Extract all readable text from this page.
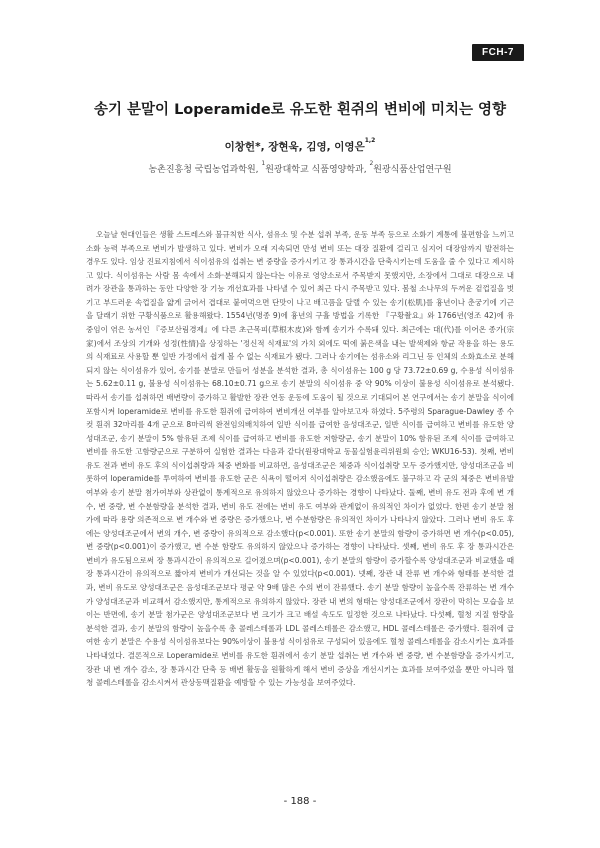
FCH-7
송기 분말이 Loperamide로 유도한 흰쥐의 변비에 미치는 영향
이창헌*, 장현욱, 김영, 이영은$^{1,2}$
농촌진흥청 국립농업과학원, $^1$원광대학교 식품영양학과, $^2$원광식품산업연구원

오늘날 현대인들은 생활 스트레스와 불규칙한 식사, 섬유소 및 수분 섭취 부족, 운동 부족 등으로 소화기 계통에 불편함을 느끼고 소화 능력 부족으로 변비가 발생하고 있다. 변비가 오래 지속되면 만성 변비 또는 대장 질환에 걸리고 심지어 대장암까지 발전하는 경우도 있다. 임상 진료지침에서 식이섬유의 섭취는 변 중량을 증가시키고 장 통과시간을 단축시키는데 도움을 줄 수 있다고 제시하고 있다. 식이섬유는 사람 몸 속에서 소화·분해되지 않는다는 이유로 영양소로서 주목받지 못했지만, 소장에서 그대로 대장으로 내려가 장관을 통과하는 동안 다양한 장 기능 개선효과를 나타낼 수 있어 최근 다시 주목받고 있다. 봄철 소나무의 두꺼운 겉껍질을 벗기고 부드러운 속껍질을 얇게 긁어서 겹대로 붙여먹으면 단맛이 나고 배고픔을 달랠 수 있는 송기(松肌)를 흉년이나 춘궁기에 기근을 달래기 위한 구황식품으로 활용해왔다. 1554년(명종 9)에 흉년의 구휼 방법을 기록한 『구황촬요』와 1766년(영조 42)에 유중임이 엮은 농서인 『증보산림경제』에 다른 초근목피(草根木皮)와 함께 송기가 수록돼 있다. 최근에는 대(代)를 이어온 종가(宗家)에서 조상의 기개와 성정(性情)을 상징하는 '정신적 식재료'의 가치 외에도 떡에 붉은색을 내는 발색제와 항균 작용을 하는 용도의 식재료로 사용할 뿐 일반 가정에서 쉽게 볼 수 없는 식재료가 됐다. 그러나 송기에는 섬유소와 리그닌 등 인체의 소화효소로 분해되지 않는 식이섬유가 있어, 송기를 분말로 만들어 성분을 분석한 결과, 총 식이섬유는 100 g 당 73.72±0.69 g, 수용성 식이섬유는 5.62±0.11 g, 불용성 식이섬유는 68.10±0.71 g으로 송기 분말의 식이섬유 중 약 90% 이상이 불용성 식이섬유로 분석됐다. 따라서 송기를 섭취하면 배변량이 증가하고 활발한 장관 연동 운동에 도움이 될 것으로 기대되어 본 연구에서는 송기 분말을 식이에 포함시켜 loperamide로 변비를 유도한 흰쥐에 급여하여 변비개선 여부를 알아보고자 하였다. 5주령의 Sparague-Dawley 종 수컷 흰쥐 32마리를 4개 군으로 8마리씩 완전임의배치하여 일반 식이를 급여한 음성대조군, 일반 식이를 급여하고 변비를 유도한 양성대조군, 송기 분말이 5% 함유된 조제 식이를 급여하고 변비를 유도한 저함량군, 송기 분말이 10% 함유된 조제 식이를 급여하고 변비를 유도한 고함량군으로 구분하여 실험한 결과는 다음과 같다(원광대학교 동물실험윤리위원회 승인; WKU16-53). 첫째, 변비 유도 전과 변비 유도 후의 식이섭취량과 체중 변화를 비교하면, 음성대조군은 체중과 식이섭취량 모두 증가했지만, 양성대조군을 비롯하여 loperamide를 투여하여 변비를 유도한 군은 식욕이 떨어져 식이섭취량은 감소했음에도 불구하고 각 군의 체중은 변비유발 여부와 송기 분말 첨가여부와 상관없이 통계적으로 유의하지 않았으나 증가하는 경향이 나타났다. 둘째, 변비 유도 전과 후에 변 개수, 변 중량, 변 수분함량을 분석한 결과, 변비 유도 전에는 변비 유도 여부와 관계없이 유의적인 차이가 없었다. 한편 송기 분말 첨가에 따라 용량 의존적으로 변 개수와 변 중량은 증가했으나, 변 수분함량은 유의적인 차이가 나타나지 않았다. 그러나 변비 유도 후에는 양성대조군에서 변의 개수, 변 중량이 유의적으로 감소했다(p<0.001). 또한 송기 분말의 함량이 증가하면 변 개수(p<0.05), 변 중량(p<0.001)이 증가했고, 변 수분 함량도 유의하지 않았으나 증가하는 경향이 나타났다. 셋째, 변비 유도 후 장 통과시간은 변비가 유도됨으로써 장 통과시간이 유의적으로 길어졌으며(p<0.001), 송기 분말의 함량이 증가할수록 양성대조군과 비교했을 때 장 통과시간이 유의적으로 짧아져 변비가 개선되는 것을 알 수 있었다(p<0.001). 넷째, 장관 내 잔류 변 개수와 형태를 분석한 결과, 변비 유도로 양성대조군은 음성대조군보다 평균 약 9배 많은 수의 변이 잔류했다. 송기 분말 함량이 높을수록 잔류하는 변 개수가 양성대조군과 비교해서 감소했지만, 통계적으로 유의하지 않았다. 장관 내 변의 형태는 양성대조군에서 장관이 막히는 모습을 보이는 반면에, 송기 분말 첨가군은 양성대조군보다 변 크기가 크고 배설 속도도 일정한 것으로 나타났다. 다섯째, 혈청 지질 함량을 분석한 결과, 송기 분말의 함량이 높을수록 총 콜레스테롤과 LDL 콜레스테롤은 감소했고, HDL 콜레스테롤은 증가했다. 흰쥐에 급여한 송기 분말은 수용성 식이섬유보다는 90%이상이 불용성 식이섬유로 구성되어 있음에도 혈청 콜레스테롤을 감소시키는 효과를 나타내었다. 결론적으로 Loperamide로 변비를 유도한 흰쥐에서 송기 분말 섭취는 변 개수와 변 중량, 변 수분함량을 증가시키고, 장관 내 변 개수 감소, 장 통과시간 단축 등 배변 활동을 원활하게 해서 변비 증상을 개선시키는 효과를 보여주었을 뿐만 아니라 혈청 콜레스테롤을 감소시켜서 관상동맥질환을 예방할 수 있는 가능성을 보여주었다.

- 188 -
